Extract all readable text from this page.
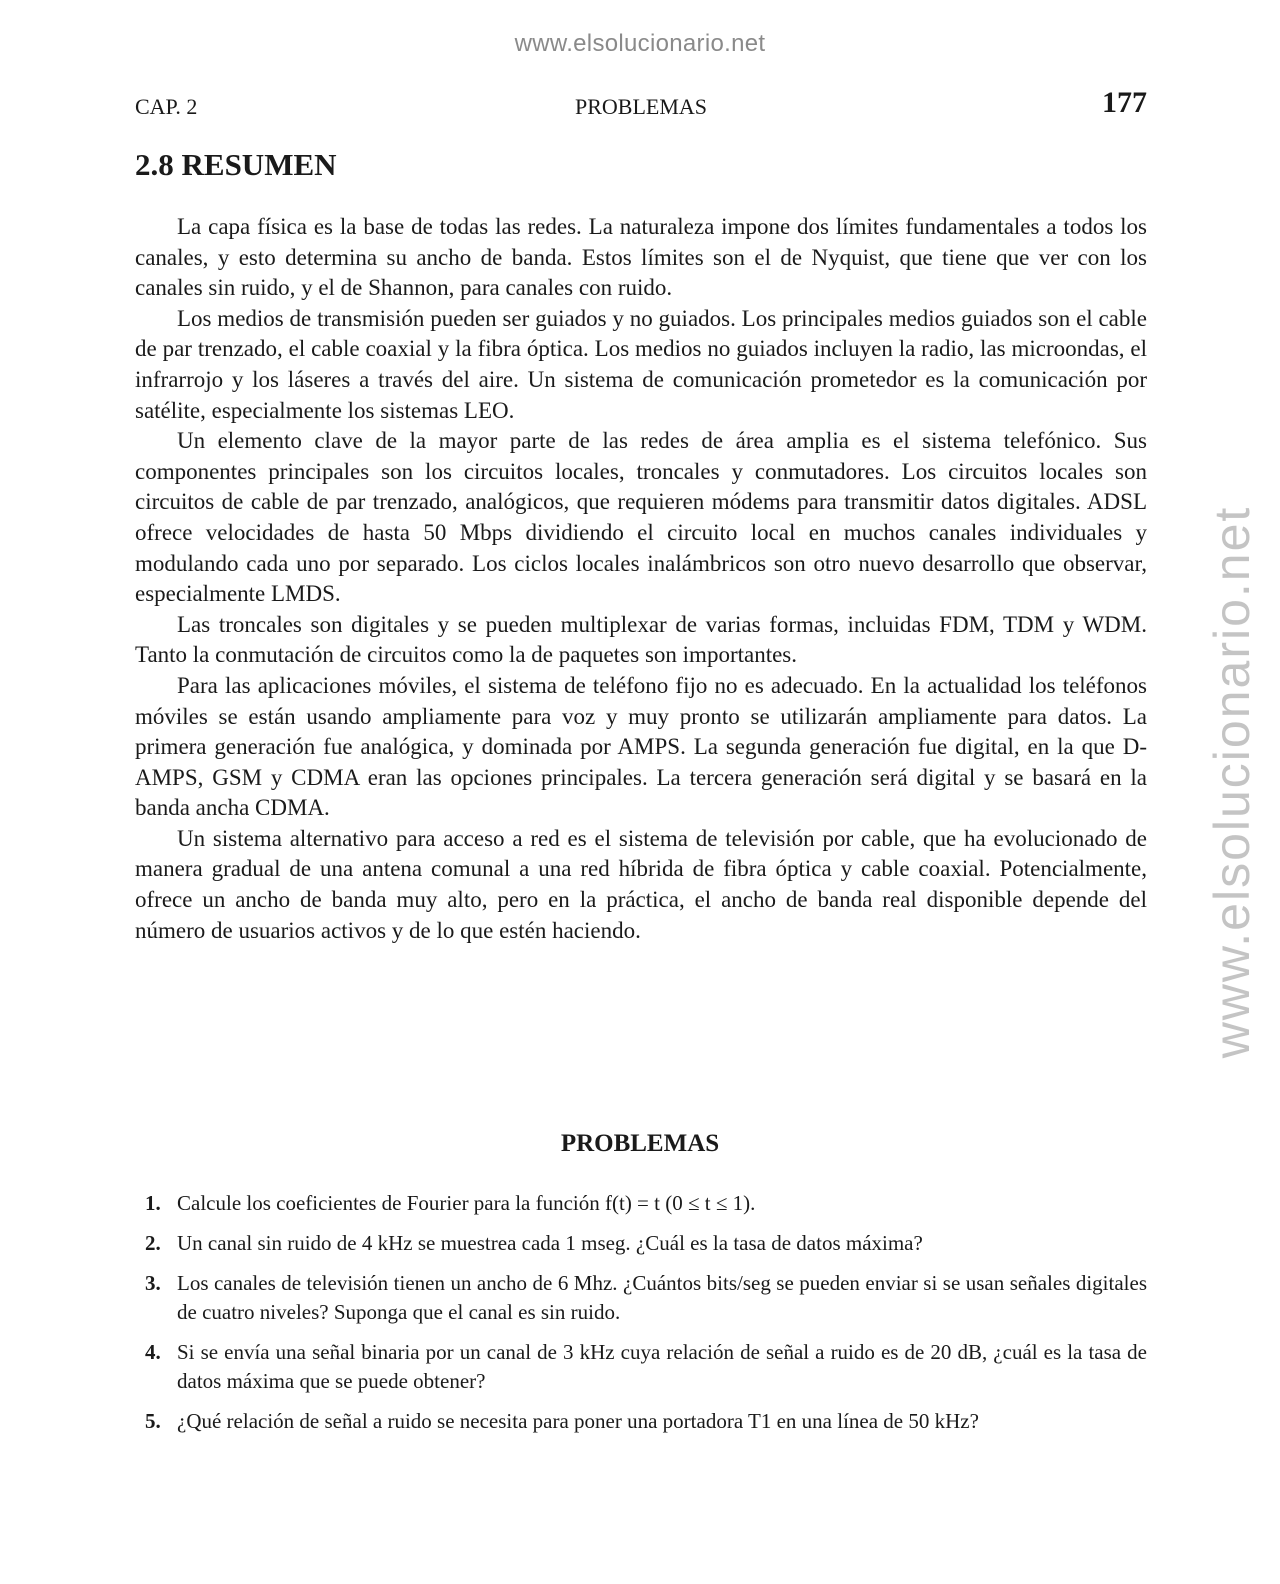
www.elsolucionario.net
www.elsolucionario.net
CAP. 2	PROBLEMAS	177
2.8 RESUMEN

La capa física es la base de todas las redes. La naturaleza impone dos límites fundamentales a todos los canales, y esto determina su ancho de banda. Estos límites son el de Nyquist, que tiene que ver con los canales sin ruido, y el de Shannon, para canales con ruido.

Los medios de transmisión pueden ser guiados y no guiados. Los principales medios guiados son el cable de par trenzado, el cable coaxial y la fibra óptica. Los medios no guiados incluyen la radio, las microondas, el infrarrojo y los láseres a través del aire. Un sistema de comunicación prometedor es la comunicación por satélite, especialmente los sistemas LEO.

Un elemento clave de la mayor parte de las redes de área amplia es el sistema telefónico. Sus componentes principales son los circuitos locales, troncales y conmutadores. Los circuitos locales son circuitos de cable de par trenzado, analógicos, que requieren módems para transmitir datos digitales. ADSL ofrece velocidades de hasta 50 Mbps dividiendo el circuito local en muchos canales individuales y modulando cada uno por separado. Los ciclos locales inalámbricos son otro nuevo desarrollo que observar, especialmente LMDS.

Las troncales son digitales y se pueden multiplexar de varias formas, incluidas FDM, TDM y WDM. Tanto la conmutación de circuitos como la de paquetes son importantes.

Para las aplicaciones móviles, el sistema de teléfono fijo no es adecuado. En la actualidad los teléfonos móviles se están usando ampliamente para voz y muy pronto se utilizarán ampliamente para datos. La primera generación fue analógica, y dominada por AMPS. La segunda generación fue digital, en la que D-AMPS, GSM y CDMA eran las opciones principales. La tercera generación será digital y se basará en la banda ancha CDMA.

Un sistema alternativo para acceso a red es el sistema de televisión por cable, que ha evolucionado de manera gradual de una antena comunal a una red híbrida de fibra óptica y cable coaxial. Potencialmente, ofrece un ancho de banda muy alto, pero en la práctica, el ancho de banda real disponible depende del número de usuarios activos y de lo que estén haciendo.

PROBLEMAS
1. Calcule los coeficientes de Fourier para la función f(t) = t (0 ≤ t ≤ 1).
2. Un canal sin ruido de 4 kHz se muestrea cada 1 mseg. ¿Cuál es la tasa de datos máxima?
3. Los canales de televisión tienen un ancho de 6 Mhz. ¿Cuántos bits/seg se pueden enviar si se usan señales digitales de cuatro niveles? Suponga que el canal es sin ruido.
4. Si se envía una señal binaria por un canal de 3 kHz cuya relación de señal a ruido es de 20 dB, ¿cuál es la tasa de datos máxima que se puede obtener?
5. ¿Qué relación de señal a ruido se necesita para poner una portadora T1 en una línea de 50 kHz?
